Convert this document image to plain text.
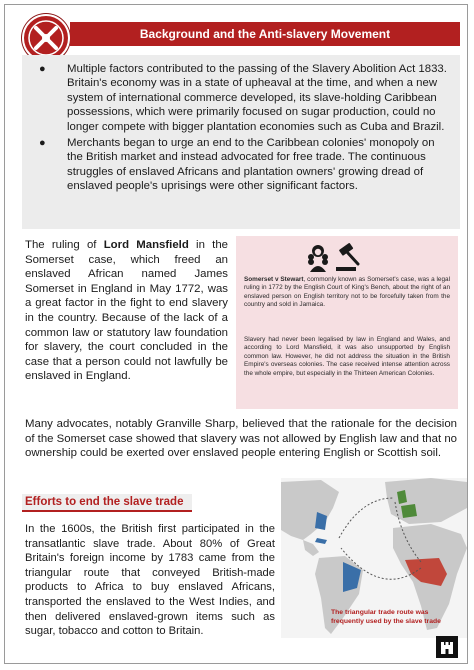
Background and the Anti-slavery Movement
● Multiple factors contributed to the passing of the Slavery Abolition Act 1833. Britain's economy was in a state of upheaval at the time, and when a new system of international commerce developed, its slave-holding Caribbean possessions, which were primarily focused on sugar production, could no longer compete with bigger plantation economies such as Cuba and Brazil.
● Merchants began to urge an end to the Caribbean colonies' monopoly on the British market and instead advocated for free trade. The continuous struggles of enslaved Africans and plantation owners' growing dread of enslaved people's uprisings were other significant factors.
The ruling of Lord Mansfield in the Somerset case, which freed an enslaved African named James Somerset in England in May 1772, was a great factor in the fight to end slavery in the country. Because of the lack of a common law or statutory law foundation for slavery, the court concluded in the case that a person could not lawfully be enslaved in England.
Somerset v Stewart, commonly known as Somerset's case, was a legal ruling in 1772 by the English Court of King's Bench, about the right of an enslaved person on English territory not to be forcefully taken from the country and sold in Jamaica.
Slavery had never been legalised by law in England and Wales, and according to Lord Mansfield, it was also unsupported by English common law. However, he did not address the situation in the British Empire's overseas colonies. The case received intense attention across the whole empire, but especially in the Thirteen American Colonies.
Many advocates, notably Granville Sharp, believed that the rationale for the decision of the Somerset case showed that slavery was not allowed by English law and that no ownership could be exerted over enslaved people entering English or Scottish soil.
Efforts to end the slave trade
In the 1600s, the British first participated in the transatlantic slave trade. About 80% of Great Britain's foreign income by 1783 came from the triangular route that conveyed British-made products to Africa to buy enslaved Africans, transported the enslaved to the West Indies, and then delivered enslaved-grown items such as sugar, tobacco and cotton to Britain.
The triangular trade route was frequently used by the slave trade
